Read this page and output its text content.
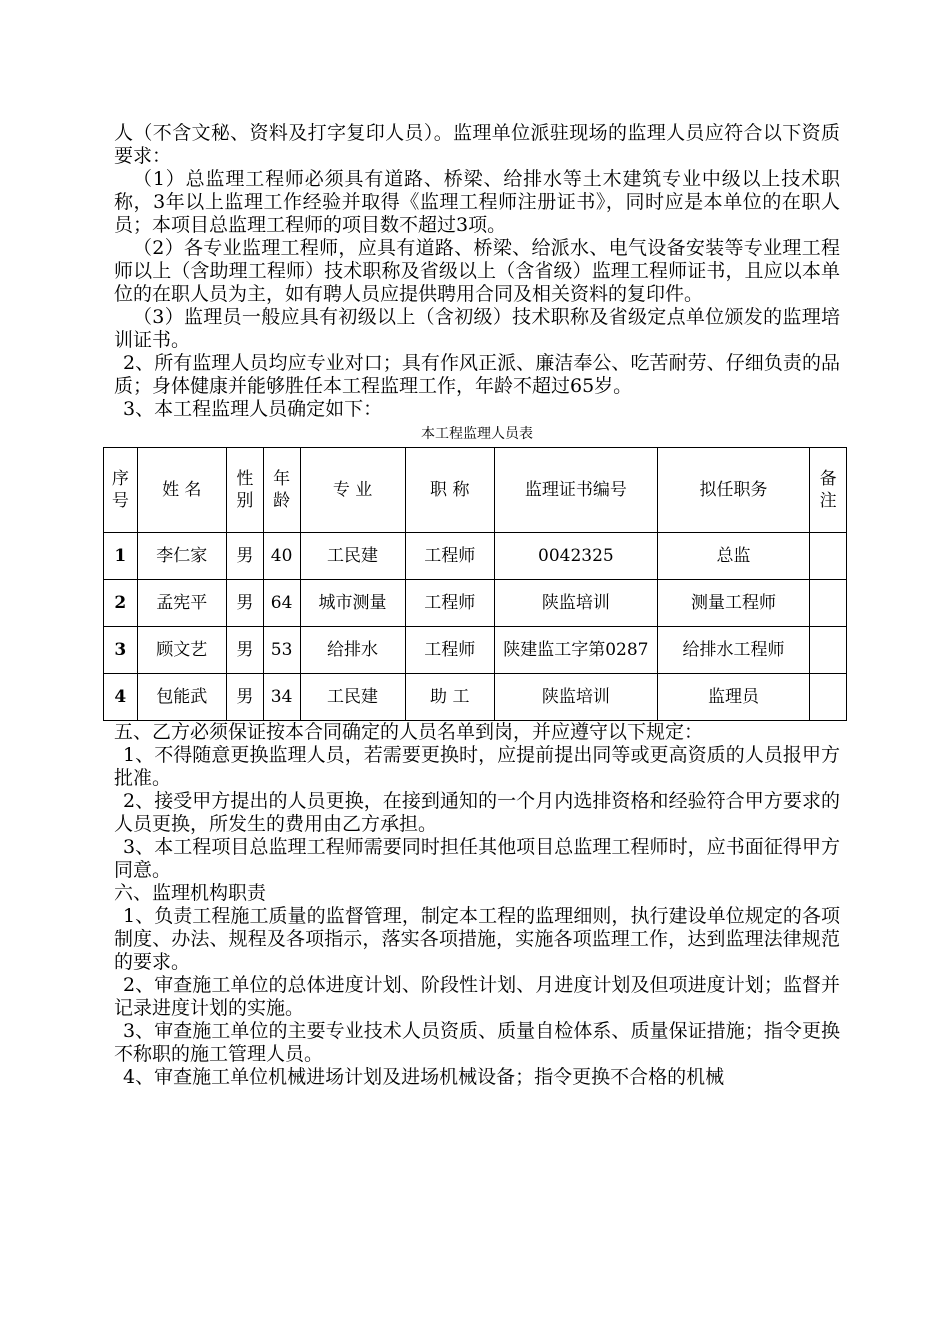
人（不含文秘、资料及打字复印人员）。监理单位派驻现场的监理人员应符合以下资质要求：

（1）总监理工程师必须具有道路、桥梁、给排水等土木建筑专业中级以上技术职称，3年以上监理工作经验并取得《监理工程师注册证书》，同时应是本单位的在职人员；本项目总监理工程师的项目数不超过3项。

（2）各专业监理工程师，应具有道路、桥梁、给派水、电气设备安装等专业理工程师以上（含助理工程师）技术职称及省级以上（含省级）监理工程师证书，且应以本单位的在职人员为主，如有聘人员应提供聘用合同及相关资料的复印件。

（3）监理员一般应具有初级以上（含初级）技术职称及省级定点单位颁发的监理培训证书。

2、所有监理人员均应专业对口；具有作风正派、廉洁奉公、吃苦耐劳、仔细负责的品质；身体健康并能够胜任本工程监理工作，年龄不超过65岁。

3、本工程监理人员确定如下：

本工程监理人员表

序号	姓 名	性别	年龄	专 业	职 称	监理证书编号	拟任职务	备注
1	李仁家	男	40	工民建	工程师	0042325	总监	
2	孟宪平	男	64	城市测量	工程师	陕监培训	测量工程师	
3	顾文艺	男	53	给排水	工程师	陕建监工字第0287	给排水工程师	
4	包能武	男	34	工民建	助 工	陕监培训	监理员	

五、乙方必须保证按本合同确定的人员名单到岗，并应遵守以下规定：

1、不得随意更换监理人员，若需要更换时，应提前提出同等或更高资质的人员报甲方批准。

2、接受甲方提出的人员更换，在接到通知的一个月内选排资格和经验符合甲方要求的人员更换，所发生的费用由乙方承担。

3、本工程项目总监理工程师需要同时担任其他项目总监理工程师时，应书面征得甲方同意。

六、监理机构职责

1、负责工程施工质量的监督管理，制定本工程的监理细则，执行建设单位规定的各项制度、办法、规程及各项指示，落实各项措施，实施各项监理工作，达到监理法律规范的要求。

2、审查施工单位的总体进度计划、阶段性计划、月进度计划及但项进度计划；监督并记录进度计划的实施。

3、审查施工单位的主要专业技术人员资质、质量自检体系、质量保证措施；指令更换不称职的施工管理人员。

4、审查施工单位机械进场计划及进场机械设备；指令更换不合格的机械
